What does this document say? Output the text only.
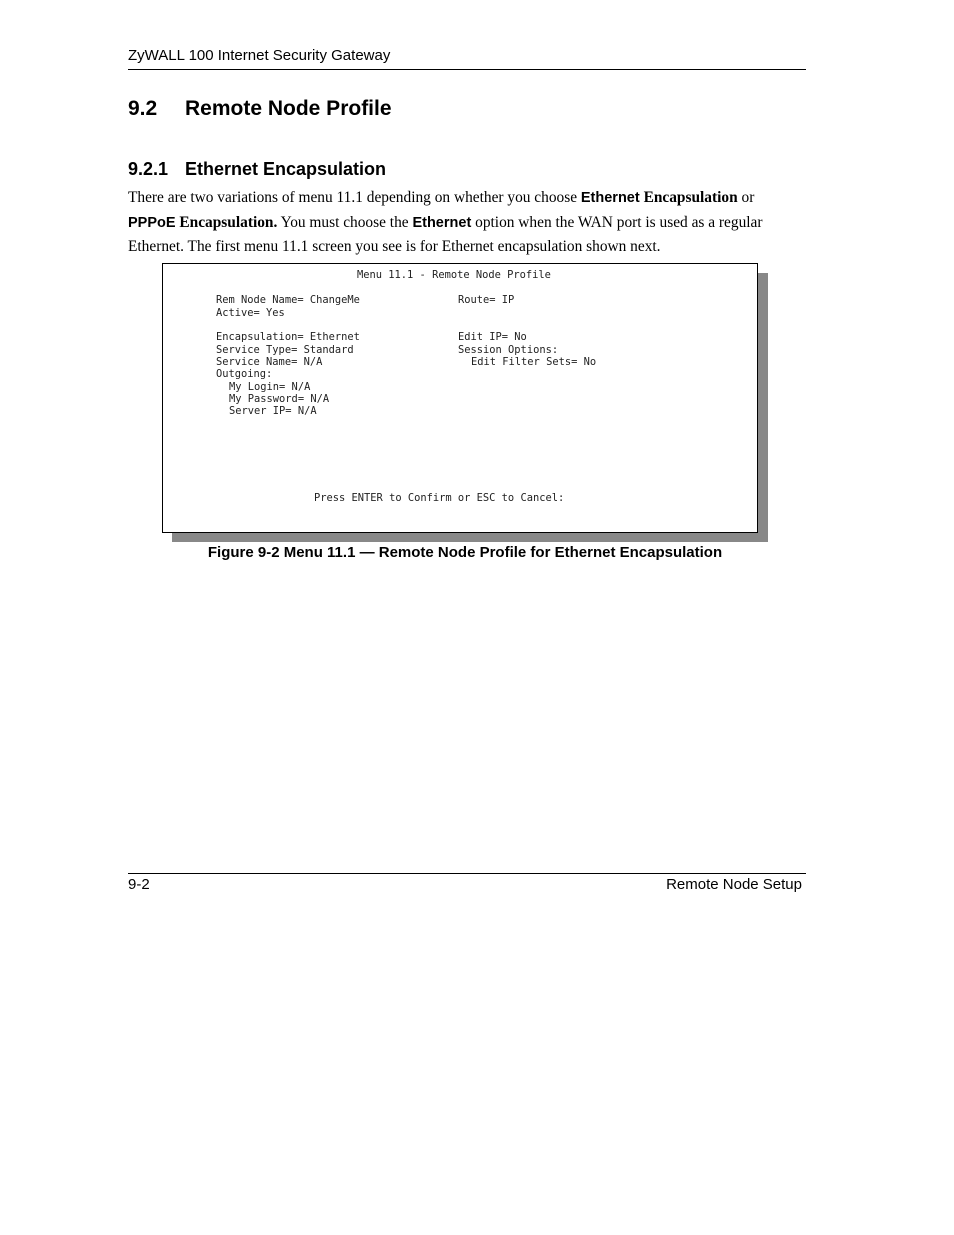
ZyWALL 100 Internet Security Gateway
9.2 Remote Node Profile
9.2.1 Ethernet Encapsulation
There are two variations of menu 11.1 depending on whether you choose Ethernet Encapsulation or
PPPoE Encapsulation. You must choose the Ethernet option when the WAN port is used as a regular Ethernet. The first menu 11.1 screen you see is for Ethernet encapsulation shown next.
Menu 11.1 - Remote Node Profile
Rem Node Name= ChangeMe
Active= Yes
Encapsulation= Ethernet
Service Type= Standard
Service Name= N/A
Outgoing:
My Login= N/A
My Password= N/A
Server IP= N/A
Route= IP
Edit IP= No
Session Options:
Edit Filter Sets= No
Press ENTER to Confirm or ESC to Cancel:
Figure 9-2 Menu 11.1 — Remote Node Profile for Ethernet Encapsulation
9-2	Remote Node Setup
